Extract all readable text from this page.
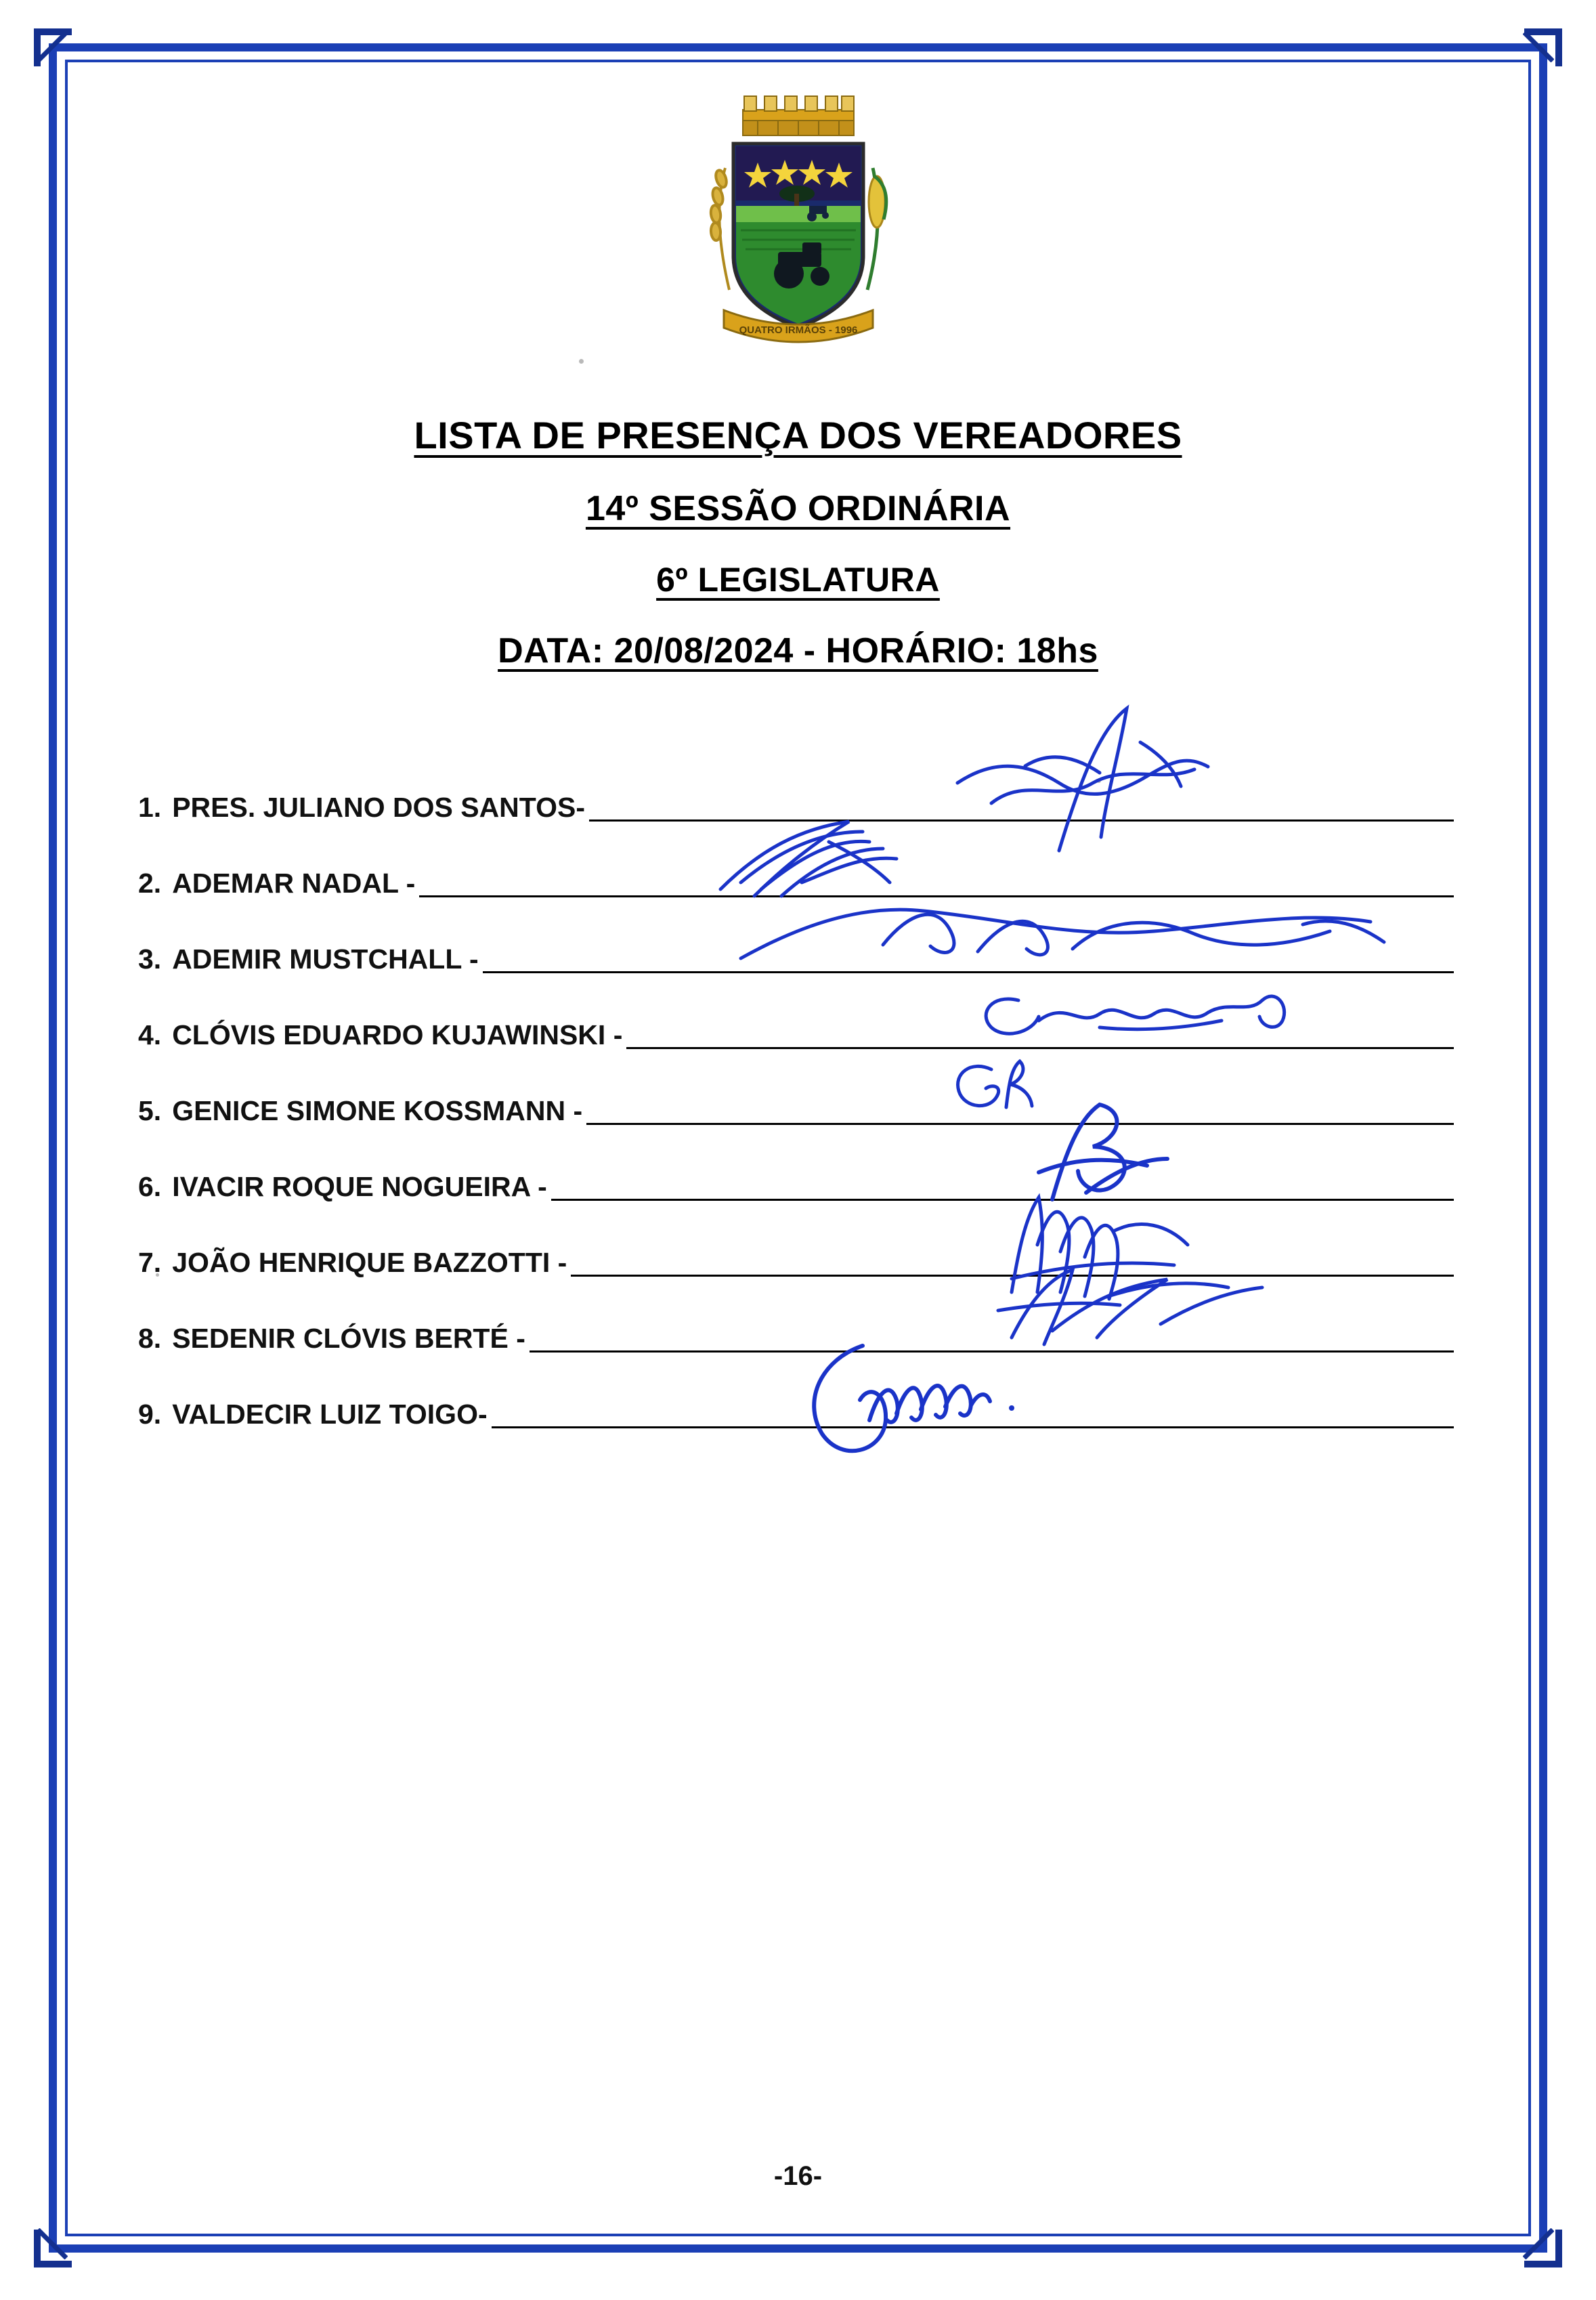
QUATRO IRMÃOS - 1996
LISTA DE PRESENÇA DOS VEREADORES
14º SESSÃO ORDINÁRIA
6º LEGISLATURA
DATA: 20/08/2024 - HORÁRIO: 18hs
1. PRES. JULIANO DOS SANTOS-
2. ADEMAR NADAL -
3. ADEMIR MUSTCHALL -
4. CLÓVIS EDUARDO KUJAWINSKI -
5. GENICE SIMONE KOSSMANN -
6. IVACIR ROQUE NOGUEIRA -
7. JOÃO HENRIQUE BAZZOTTI -
8. SEDENIR CLÓVIS BERTÉ -
9. VALDECIR LUIZ TOIGO-
-16-
